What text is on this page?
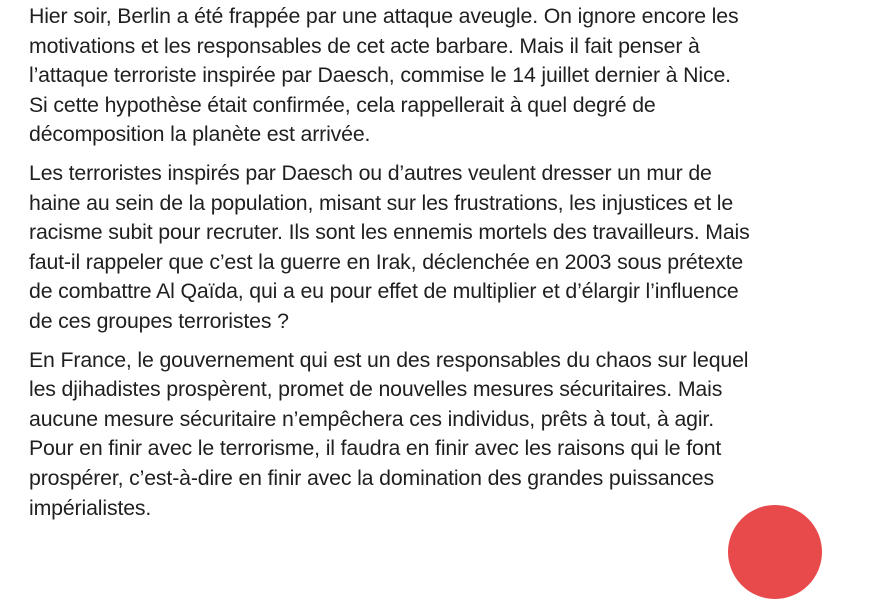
Hier soir, Berlin a été frappée par une attaque aveugle. On ignore encore les
motivations et les responsables de cet acte barbare. Mais il fait penser à
l’attaque terroriste inspirée par Daesch, commise le 14 juillet dernier à Nice.
Si cette hypothèse était confirmée, cela rappellerait à quel degré de
décomposition la planète est arrivée.

Les terroristes inspirés par Daesch ou d’autres veulent dresser un mur de
haine au sein de la population, misant sur les frustrations, les injustices et le
racisme subit pour recruter. Ils sont les ennemis mortels des travailleurs. Mais
faut-il rappeler que c’est la guerre en Irak, déclenchée en 2003 sous prétexte
de combattre Al Qaïda, qui a eu pour effet de multiplier et d’élargir l’influence
de ces groupes terroristes ?

En France, le gouvernement qui est un des responsables du chaos sur lequel
les djihadistes prospèrent, promet de nouvelles mesures sécuritaires. Mais
aucune mesure sécuritaire n’empêchera ces individus, prêts à tout, à agir.
Pour en finir avec le terrorisme, il faudra en finir avec les raisons qui le font
prospérer, c’est-à-dire en finir avec la domination des grandes puissances
impérialistes.
